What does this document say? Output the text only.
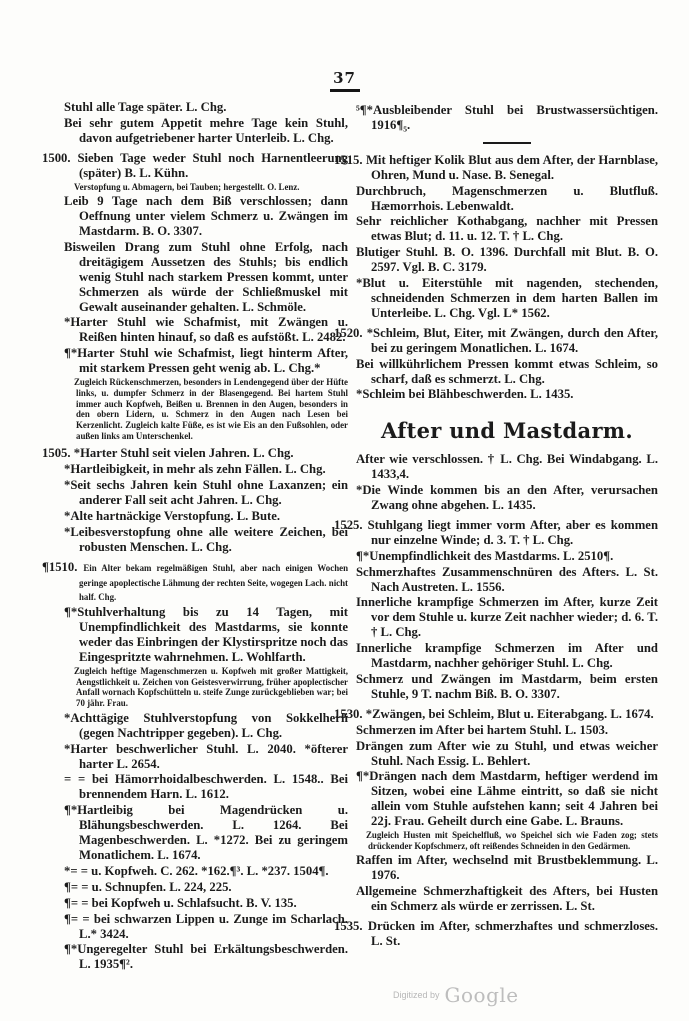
37
Stuhl alle Tage später. L. Chg.
Bei sehr gutem Appetit mehre Tage kein Stuhl, davon aufgetriebener harter Unterleib. L. Chg.
1500. Sieben Tage weder Stuhl noch Harnentleerung (später) B. L. Kühn.
Verstopfung u. Abmagern, bei Tauben; hergestellt. O. Lenz.
Leib 9 Tage nach dem Biß verschlossen; dann Oeffnung unter vielem Schmerz u. Zwängen im Mastdarm. B. O. 3307.
Bisweilen Drang zum Stuhl ohne Erfolg, nach dreitägigem Aussetzen des Stuhls; bis endlich wenig Stuhl nach starkem Pressen kommt, unter Schmerzen als würde der Schließmuskel mit Gewalt auseinander gehalten. L. Schmöle.
*Harter Stuhl wie Schafmist, mit Zwängen u. Reißen hinten hinauf, so daß es aufstößt. L. 2482.
¶*Harter Stuhl wie Schafmist, liegt hinterm After, mit starkem Pressen geht wenig ab. L. Chg.*
Zugleich Rückenschmerzen, besonders in Lendengegend über der Hüfte links, u. dumpfer Schmerz in der Blasengegend. Bei hartem Stuhl immer auch Kopfweh, Beißen u. Brennen in den Augen, besonders in den obern Lidern, u. Schmerz in den Augen nach Lesen bei Kerzenlicht. Zugleich kalte Füße, es ist wie Eis an den Fußsohlen, oder außen links am Unterschenkel.
1505. *Harter Stuhl seit vielen Jahren. L. Chg.
*Hartleibigkeit, in mehr als zehn Fällen. L. Chg.
*Seit sechs Jahren kein Stuhl ohne Laxanzen; ein anderer Fall seit acht Jahren. L. Chg.
*Alte hartnäckige Verstopfung. L. Bute.
*Leibesverstopfung ohne alle weitere Zeichen, bei robusten Menschen. L. Chg.
¶1510. Ein Alter bekam regelmäßigen Stuhl, aber nach einigen Wochen geringe apoplectische Lähmung der rechten Seite, wogegen Lach. nicht half. Chg.
¶*Stuhlverhaltung bis zu 14 Tagen, mit Unempfindlichkeit des Mastdarms, sie konnte weder das Einbringen der Klystirspritze noch das Eingespritzte wahrnehmen. L. Wohlfarth.
Zugleich heftige Magenschmerzen u. Kopfweh mit großer Mattigkeit, Aengstlichkeit u. Zeichen von Geistesverwirrung, früher apoplectischer Anfall wornach Kopfschütteln u. steife Zunge zurückgeblieben war; bei 70 jähr. Frau.
*Achttägige Stuhlverstopfung von Sokkelherli (gegen Nachtripper gegeben). L. Chg.
*Harter beschwerlicher Stuhl. L. 2040. *öfterer harter L. 2654.
= = bei Hämorrhoidalbeschwerden. L. 1548.. Bei brennendem Harn. L. 1612.
¶*Hartleibig bei Magendrücken u. Blähungsbeschwerden. L. 1264. Bei Magenbeschwerden. L. *1272. Bei zu geringem Monatlichem. L. 1674.
*= = u. Kopfweh. C. 262. *162.¶³. L. *237. 1504¶.
¶= = u. Schnupfen. L. 224, 225.
¶= = bei Kopfweh u. Schlafsucht. B. V. 135.
¶= = bei schwarzen Lippen u. Zunge im Scharlach. L.* 3424.
¶*Ungeregelter Stuhl bei Erkältungsbeschwerden. L. 1935¶².
⁵¶*Ausbleibender Stuhl bei Brustwassersüchtigen. 1916¶₅.
1515. Mit heftiger Kolik Blut aus dem After, der Harnblase, Ohren, Mund u. Nase. B. Senegal.
Durchbruch, Magenschmerzen u. Blutfluß. Hæmorrhois. Lebenwaldt.
Sehr reichlicher Kothabgang, nachher mit Pressen etwas Blut; d. 11. u. 12. T. † L. Chg.
Blutiger Stuhl. B. O. 1396. Durchfall mit Blut. B. O. 2597. Vgl. B. C. 3179.
*Blut u. Eiterstühle mit nagenden, stechenden, schneidenden Schmerzen in dem harten Ballen im Unterleibe. L. Chg. Vgl. L* 1562.
1520. *Schleim, Blut, Eiter, mit Zwängen, durch den After, bei zu geringem Monatlichen. L. 1674.
Bei willkührlichem Pressen kommt etwas Schleim, so scharf, daß es schmerzt. L. Chg.
*Schleim bei Blähbeschwerden. L. 1435.
After und Mastdarm.
After wie verschlossen. † L. Chg. Bei Windabgang. L. 1433,4.
*Die Winde kommen bis an den After, verursachen Zwang ohne abgehen. L. 1435.
1525. Stuhlgang liegt immer vorm After, aber es kommen nur einzelne Winde; d. 3. T. † L. Chg.
¶*Unempfindlichkeit des Mastdarms. L. 2510¶.
Schmerzhaftes Zusammenschnüren des Afters. L. St. Nach Austreten. L. 1556.
Innerliche krampfige Schmerzen im After, kurze Zeit vor dem Stuhle u. kurze Zeit nachher wieder; d. 6. T. † L. Chg.
Innerliche krampfige Schmerzen im After und Mastdarm, nachher gehöriger Stuhl. L. Chg.
Schmerz und Zwängen im Mastdarm, beim ersten Stuhle, 9 T. nachm Biß. B. O. 3307.
1530. *Zwängen, bei Schleim, Blut u. Eiterabgang. L. 1674.
Schmerzen im After bei hartem Stuhl. L. 1503.
Drängen zum After wie zu Stuhl, und etwas weicher Stuhl. Nach Essig. L. Behlert.
¶*Drängen nach dem Mastdarm, heftiger werdend im Sitzen, wobei eine Lähme eintritt, so daß sie nicht allein vom Stuhle aufstehen kann; seit 4 Jahren bei 22j. Frau. Geheilt durch eine Gabe. L. Brauns.
Zugleich Husten mit Speichelfluß, wo Speichel sich wie Faden zog; stets drückender Kopfschmerz, oft reißendes Schneiden in den Gedärmen.
Raffen im After, wechselnd mit Brustbeklemmung. L. 1976.
Allgemeine Schmerzhaftigkeit des Afters, bei Husten ein Schmerz als würde er zerrissen. L. St.
1535. Drücken im After, schmerzhaftes und schmerzloses. L. St.
Digitized by Google
